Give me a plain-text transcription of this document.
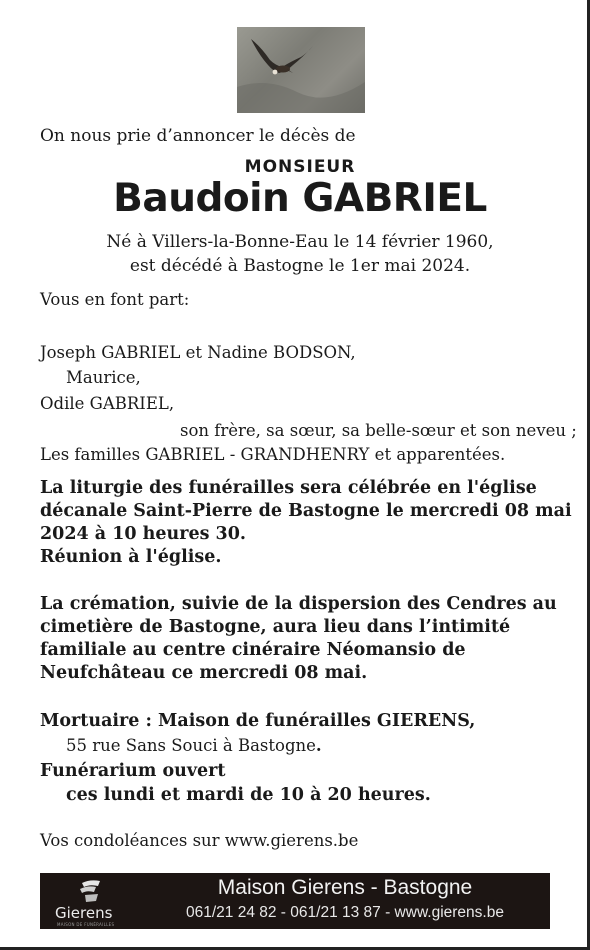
On nous prie d’annoncer le décès de
MONSIEUR
Baudoin GABRIEL
Né à Villers-la-Bonne-Eau le 14 février 1960,
est décédé à Bastogne le 1er mai 2024.
Vous en font part:
Joseph GABRIEL et Nadine BODSON,
Maurice,
Odile GABRIEL,
son frère, sa sœur, sa belle-sœur et son neveu ;
Les familles GABRIEL - GRANDHENRY et apparentées.
La liturgie des funérailles sera célébrée en l'église
décanale Saint-Pierre de Bastogne le mercredi 08 mai
2024 à 10 heures 30.
Réunion à l'église.
La crémation, suivie de la dispersion des Cendres au
cimetière de Bastogne, aura lieu dans l’intimité
familiale au centre cinéraire Néomansio de
Neufchâteau ce mercredi 08 mai.
Mortuaire : Maison de funérailles GIERENS,
55 rue Sans Souci à Bastogne.
Funérarium ouvert
ces lundi et mardi de 10 à 20 heures.
Vos condoléances sur www.gierens.be
Gierens
MAISON DE FUNÉRAILLES
Maison Gierens - Bastogne
061/21 24 82 - 061/21 13 87 - www.gierens.be
